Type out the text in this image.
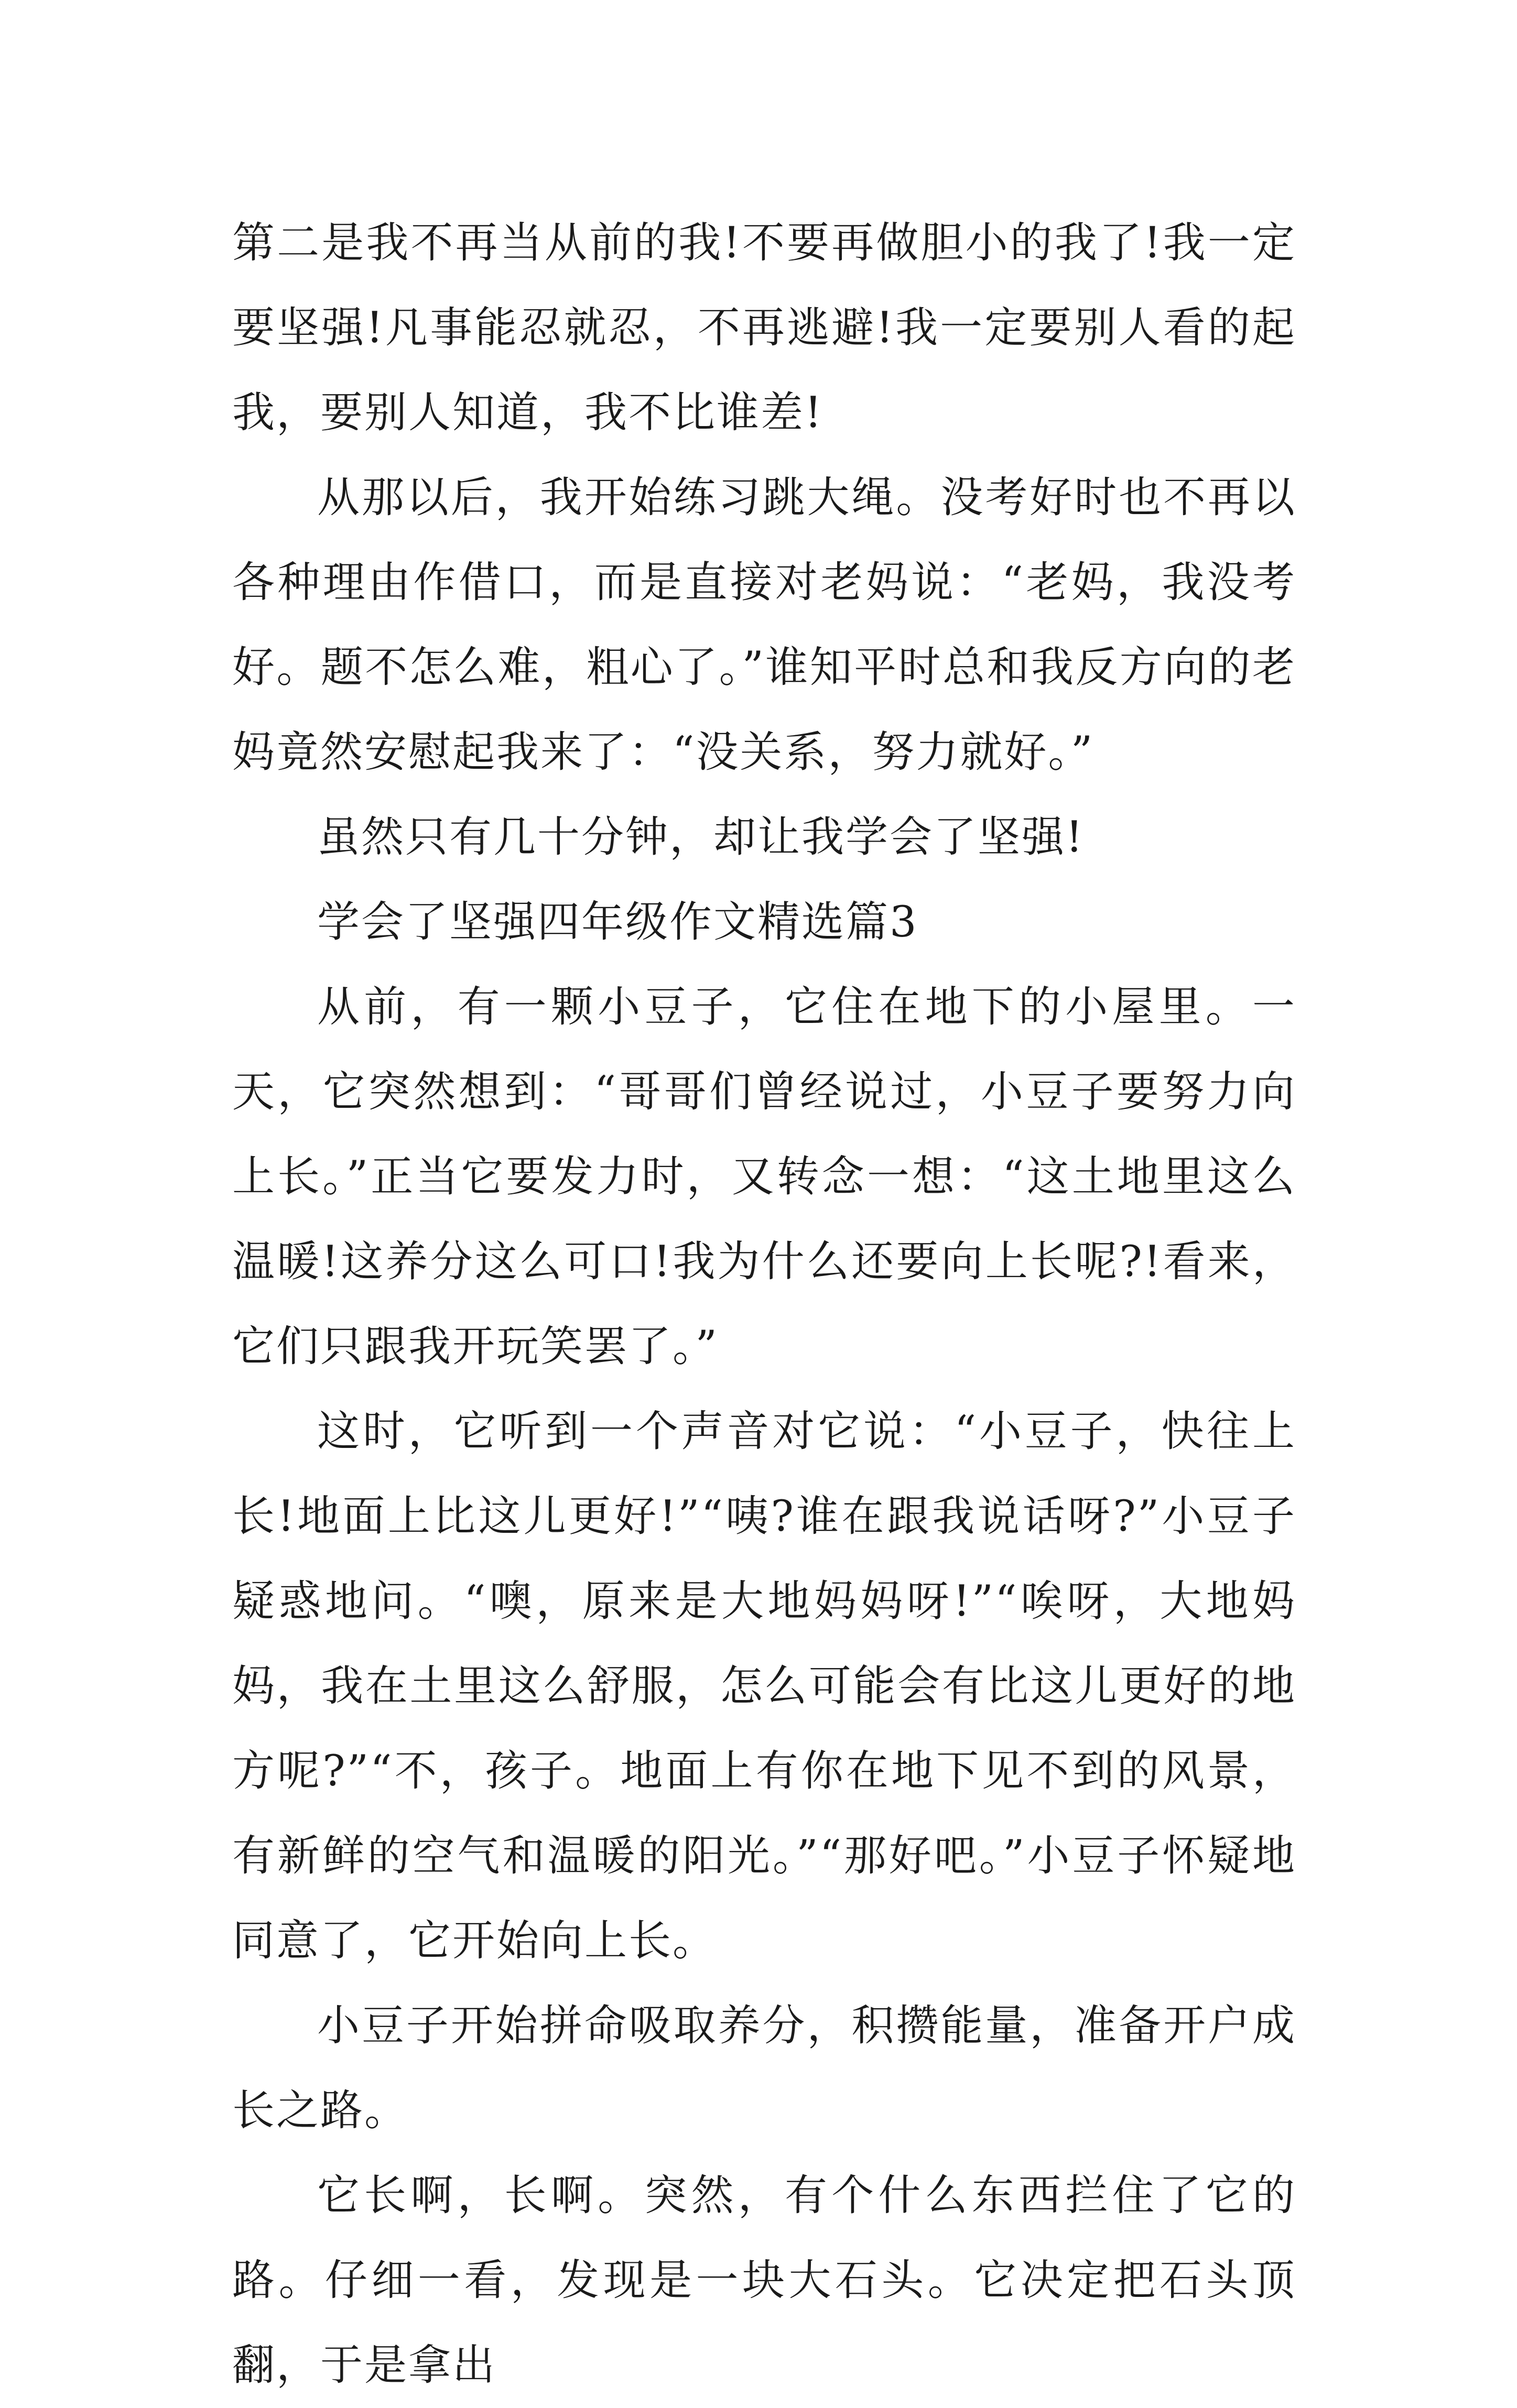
第二是我不再当从前的我!不要再做胆小的我了!我一定要坚强!凡事能忍就忍，不再逃避!我一定要别人看的起我，要别人知道，我不比谁差!

从那以后，我开始练习跳大绳。没考好时也不再以各种理由作借口，而是直接对老妈说：“老妈，我没考好。题不怎么难，粗心了。”谁知平时总和我反方向的老妈竟然安慰起我来了：“没关系，努力就好。”

虽然只有几十分钟，却让我学会了坚强!

学会了坚强四年级作文精选篇3

从前，有一颗小豆子，它住在地下的小屋里。一天，它突然想到：“哥哥们曾经说过，小豆子要努力向上长。”正当它要发力时，又转念一想：“这土地里这么温暖!这养分这么可口!我为什么还要向上长呢?!看来，它们只跟我开玩笑罢了。”

这时，它听到一个声音对它说：“小豆子，快往上长!地面上比这儿更好!”“咦?谁在跟我说话呀?”小豆子疑惑地问。“噢，原来是大地妈妈呀!”“唉呀，大地妈妈，我在土里这么舒服，怎么可能会有比这儿更好的地方呢?”“不，孩子。地面上有你在地下见不到的风景，有新鲜的空气和温暖的阳光。”“那好吧。”小豆子怀疑地同意了，它开始向上长。

小豆子开始拼命吸取养分，积攒能量，准备开户成长之路。

它长啊，长啊。突然，有个什么东西拦住了它的路。仔细一看，发现是一块大石头。它决定把石头顶翻，于是拿出
